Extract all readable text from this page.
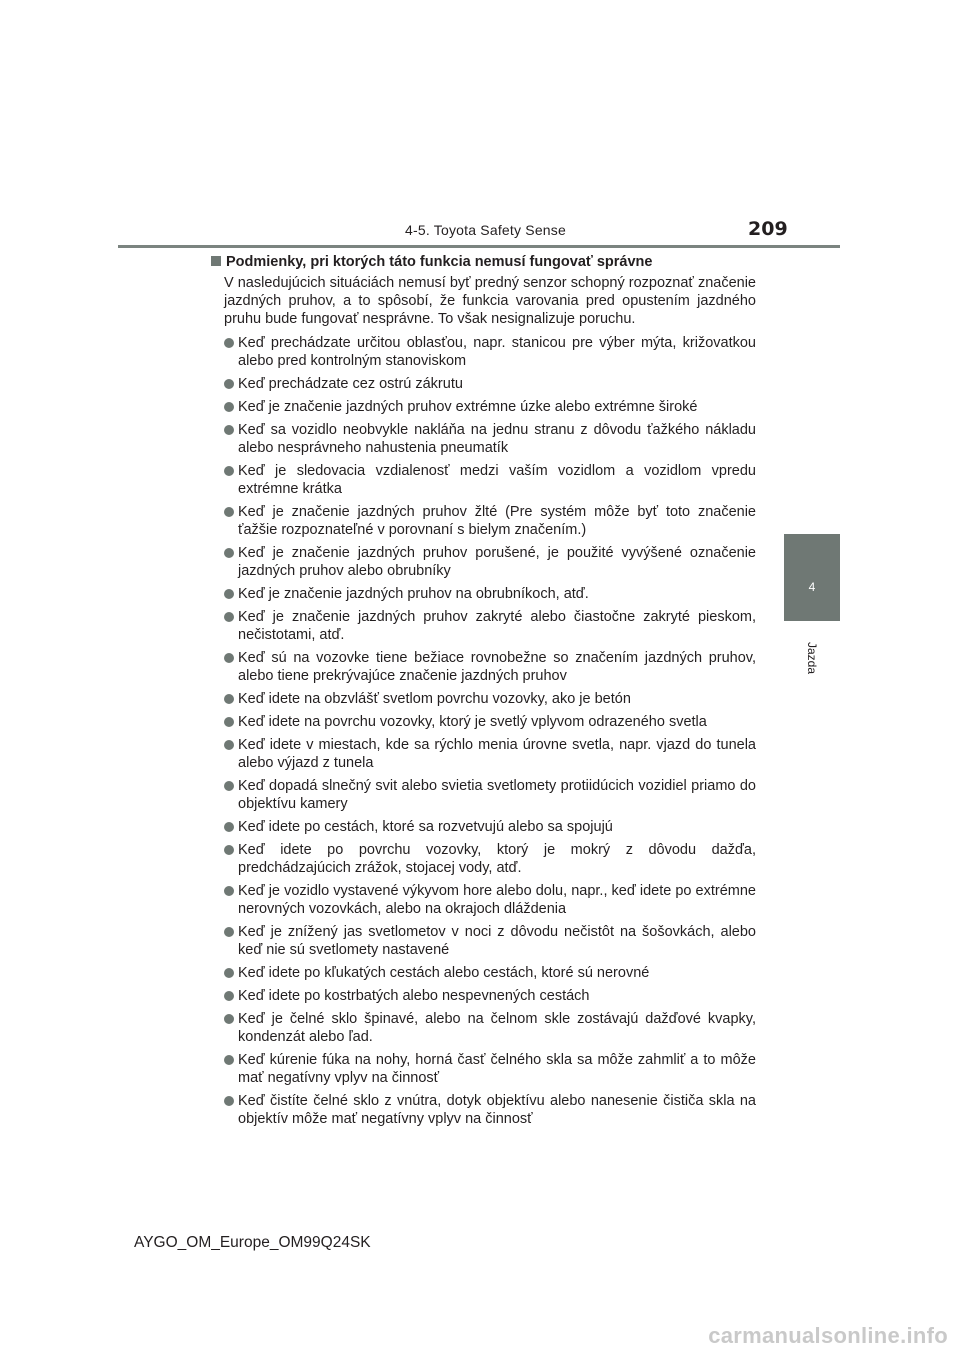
4-5. Toyota Safety Sense	209
4
Jazda
Podmienky, pri ktorých táto funkcia nemusí fungovať správne

V nasledujúcich situáciách nemusí byť predný senzor schopný rozpoznať značenie jazdných pruhov, a to spôsobí, že funkcia varovania pred opustením jazdného pruhu bude fungovať nesprávne. To však nesignalizuje poruchu.

Keď prechádzate určitou oblasťou, napr. stanicou pre výber mýta, križovatkou alebo pred kontrolným stanoviskom
Keď prechádzate cez ostrú zákrutu
Keď je značenie jazdných pruhov extrémne úzke alebo extrémne široké
Keď sa vozidlo neobvykle nakláňa na jednu stranu z dôvodu ťažkého nákladu alebo nesprávneho nahustenia pneumatík
Keď je sledovacia vzdialenosť medzi vaším vozidlom a vozidlom vpredu extrémne krátka
Keď je značenie jazdných pruhov žlté (Pre systém môže byť toto značenie ťažšie rozpoznateľné v porovnaní s bielym značením.)
Keď je značenie jazdných pruhov porušené, je použité vyvýšené označenie jazdných pruhov alebo obrubníky
Keď je značenie jazdných pruhov na obrubníkoch, atď.
Keď je značenie jazdných pruhov zakryté alebo čiastočne zakryté pieskom, nečistotami, atď.
Keď sú na vozovke tiene bežiace rovnobežne so značením jazdných pruhov, alebo tiene prekrývajúce značenie jazdných pruhov
Keď idete na obzvlášť svetlom povrchu vozovky, ako je betón
Keď idete na povrchu vozovky, ktorý je svetlý vplyvom odrazeného svetla
Keď idete v miestach, kde sa rýchlo menia úrovne svetla, napr. vjazd do tunela alebo výjazd z tunela
Keď dopadá slnečný svit alebo svietia svetlomety protiidúcich vozidiel priamo do objektívu kamery
Keď idete po cestách, ktoré sa rozvetvujú alebo sa spojujú
Keď idete po povrchu vozovky, ktorý je mokrý z dôvodu dažďa, predchádzajúcich zrážok, stojacej vody, atď.
Keď je vozidlo vystavené výkyvom hore alebo dolu, napr., keď idete po extrémne nerovných vozovkách, alebo na okrajoch dláždenia
Keď je znížený jas svetlometov v noci z dôvodu nečistôt na šošovkách, alebo keď nie sú svetlomety nastavené
Keď idete po kľukatých cestách alebo cestách, ktoré sú nerovné
Keď idete po kostrbatých alebo nespevnených cestách
Keď je čelné sklo špinavé, alebo na čelnom skle zostávajú dažďové kvapky, kondenzát alebo ľad.
Keď kúrenie fúka na nohy, horná časť čelného skla sa môže zahmliť a to môže mať negatívny vplyv na činnosť
Keď čistíte čelné sklo z vnútra, dotyk objektívu alebo nanesenie čističa skla na objektív môže mať negatívny vplyv na činnosť
AYGO_OM_Europe_OM99Q24SK
carmanualsonline.info
